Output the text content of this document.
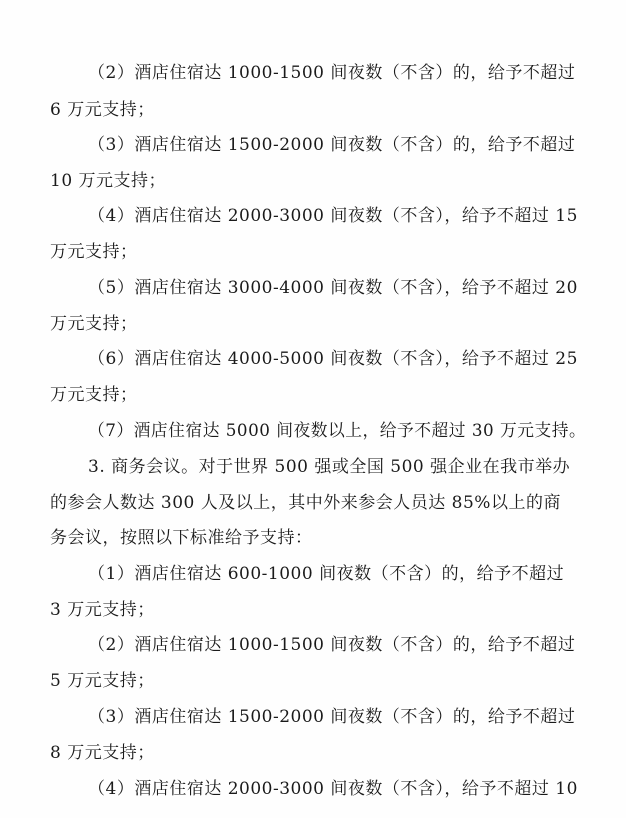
（2）酒店住宿达 1000-1500 间夜数（不含）的，给予不超过
6 万元支持；
（3）酒店住宿达 1500-2000 间夜数（不含）的，给予不超过
10 万元支持；
（4）酒店住宿达 2000-3000 间夜数（不含），给予不超过 15
万元支持；
（5）酒店住宿达 3000-4000 间夜数（不含），给予不超过 20
万元支持；
（6）酒店住宿达 4000-5000 间夜数（不含），给予不超过 25
万元支持；
（7）酒店住宿达 5000 间夜数以上，给予不超过 30 万元支持。
3. 商务会议。对于世界 500 强或全国 500 强企业在我市举办
的参会人数达 300 人及以上，其中外来参会人员达 85%以上的商
务会议，按照以下标准给予支持：
（1）酒店住宿达 600-1000 间夜数（不含）的，给予不超过
3 万元支持；
（2）酒店住宿达 1000-1500 间夜数（不含）的，给予不超过
5 万元支持；
（3）酒店住宿达 1500-2000 间夜数（不含）的，给予不超过
8 万元支持；
（4）酒店住宿达 2000-3000 间夜数（不含），给予不超过 10
